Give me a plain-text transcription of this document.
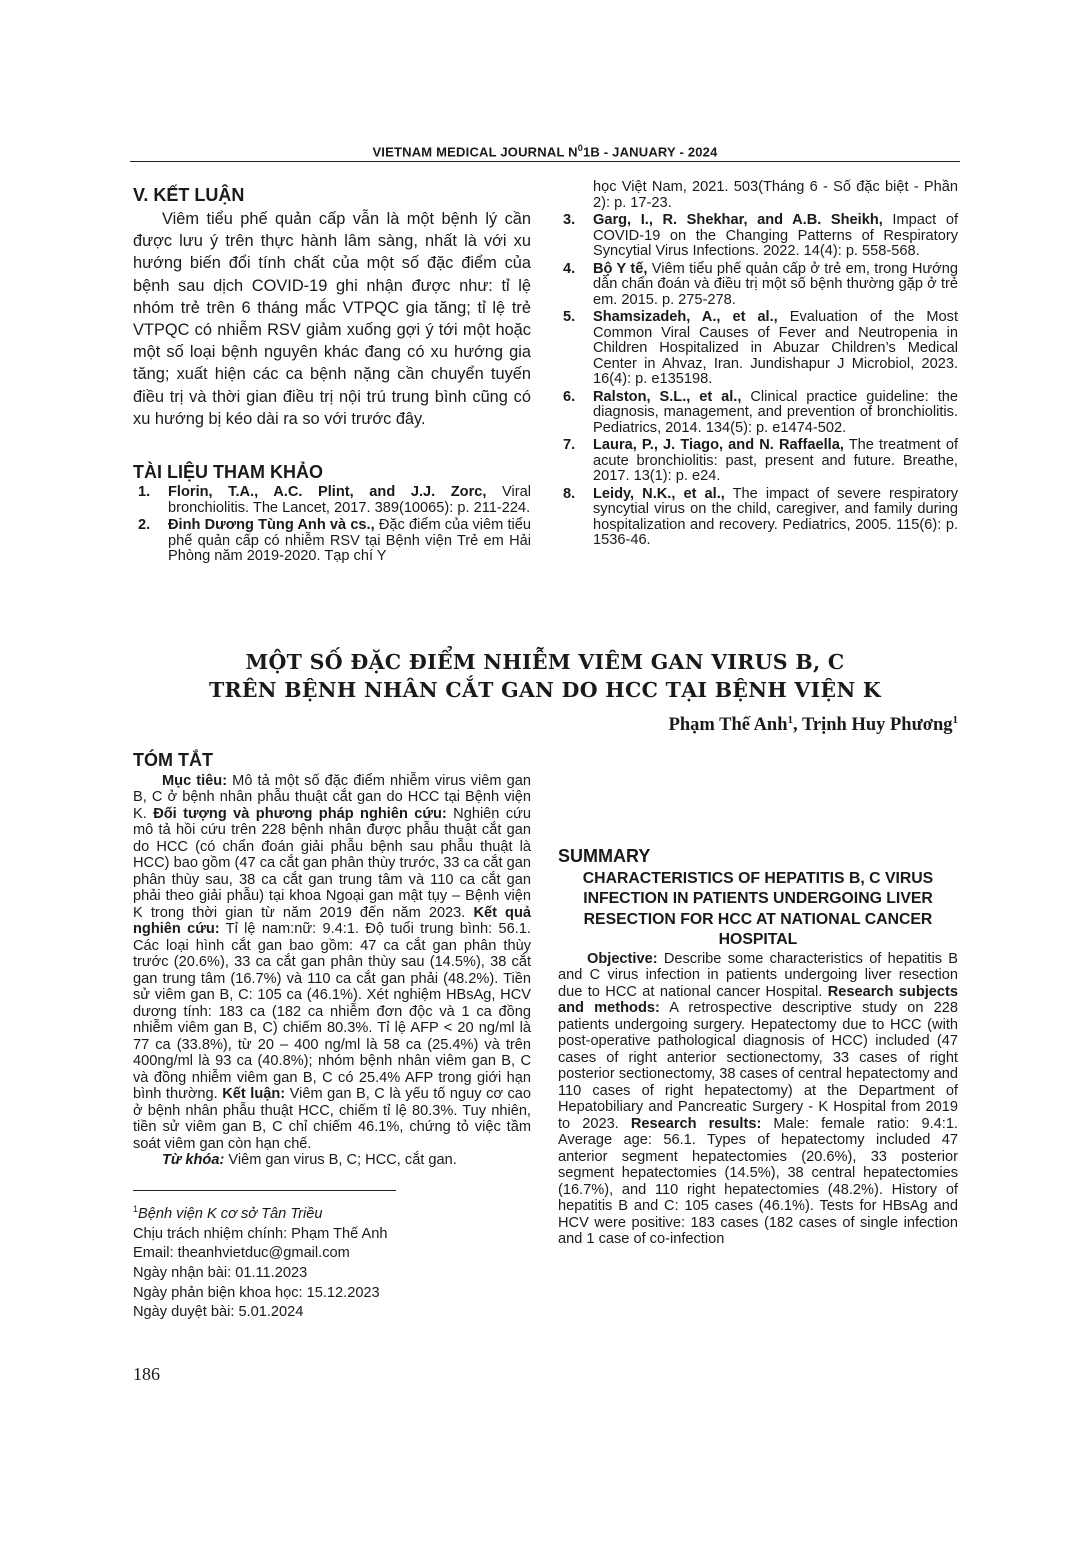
VIETNAM MEDICAL JOURNAL $N^01B$ - JANUARY - 2024
V. KẾT LUẬN

Viêm tiểu phế quản cấp vẫn là một bệnh lý cần được lưu ý trên thực hành lâm sàng, nhất là với xu hướng biến đổi tính chất của một số đặc điểm của bệnh sau dịch COVID-19 ghi nhận được như: tỉ lệ nhóm trẻ trên 6 tháng mắc VTPQC gia tăng; tỉ lệ trẻ VTPQC có nhiễm RSV giảm xuống gợi ý tới một hoặc một số loại bệnh nguyên khác đang có xu hướng gia tăng; xuất hiện các ca bệnh nặng cần chuyển tuyến điều trị và thời gian điều trị nội trú trung bình cũng có xu hướng bị kéo dài ra so với trước đây.

TÀI LIỆU THAM KHẢO
1. Florin, T.A., A.C. Plint, and J.J. Zorc, Viral bronchiolitis. The Lancet, 2017. 389(10065): p. 211-224.
2. Đinh Dương Tùng Anh và cs., Đặc điểm của viêm tiểu phế quản cấp có nhiễm RSV tại Bệnh viện Trẻ em Hải Phòng năm 2019-2020. Tạp chí Y
học Việt Nam, 2021. 503(Tháng 6 - Số đặc biệt - Phần 2): p. 17-23.
3. Garg, I., R. Shekhar, and A.B. Sheikh, Impact of COVID-19 on the Changing Patterns of Respiratory Syncytial Virus Infections. 2022. 14(4): p. 558-568.
4. Bộ Y tế, Viêm tiểu phế quản cấp ở trẻ em, trong Hướng dẫn chẩn đoán và điều trị một số bệnh thường gặp ở trẻ em. 2015. p. 275-278.
5. Shamsizadeh, A., et al., Evaluation of the Most Common Viral Causes of Fever and Neutropenia in Children Hospitalized in Abuzar Children’s Medical Center in Ahvaz, Iran. Jundishapur J Microbiol, 2023. 16(4): p. e135198.
6. Ralston, S.L., et al., Clinical practice guideline: the diagnosis, management, and prevention of bronchiolitis. Pediatrics, 2014. 134(5): p. e1474-502.
7. Laura, P., J. Tiago, and N. Raffaella, The treatment of acute bronchiolitis: past, present and future. Breathe, 2017. 13(1): p. e24.
8. Leidy, N.K., et al., The impact of severe respiratory syncytial virus on the child, caregiver, and family during hospitalization and recovery. Pediatrics, 2005. 115(6): p. 1536-46.
MỘT SỐ ĐẶC ĐIỂM NHIỄM VIÊM GAN VIRUS B, C
TRÊN BỆNH NHÂN CẮT GAN DO HCC TẠI BỆNH VIỆN K
Phạm Thế Anh$^1$, Trịnh Huy Phương$^1$
TÓM TẮT

Mục tiêu: Mô tả một số đặc điểm nhiễm virus viêm gan B, C ở bệnh nhân phẫu thuật cắt gan do HCC tại Bệnh viện K. Đối tượng và phương pháp nghiên cứu: Nghiên cứu mô tả hồi cứu trên 228 bệnh nhân được phẫu thuật cắt gan do HCC (có chẩn đoán giải phẫu bệnh sau phẫu thuật là HCC) bao gồm (47 ca cắt gan phân thùy trước, 33 ca cắt gan phân thùy sau, 38 ca cắt gan trung tâm và 110 ca cắt gan phải theo giải phẫu) tại khoa Ngoại gan mật tụy – Bệnh viện K trong thời gian từ năm 2019 đến năm 2023. Kết quả nghiên cứu: Tỉ lệ nam:nữ: 9.4:1. Độ tuổi trung bình: 56.1. Các loại hình cắt gan bao gồm: 47 ca cắt gan phân thùy trước (20.6%), 33 ca cắt gan phân thùy sau (14.5%), 38 cắt gan trung tâm (16.7%) và 110 ca cắt gan phải (48.2%). Tiền sử viêm gan B, C: 105 ca (46.1%). Xét nghiệm HBsAg, HCV dương tính: 183 ca (182 ca nhiễm đơn độc và 1 ca đồng nhiễm viêm gan B, C) chiếm 80.3%. Tỉ lệ AFP < 20 ng/ml là 77 ca (33.8%), từ 20 – 400 ng/ml là 58 ca (25.4%) và trên 400ng/ml là 93 ca (40.8%); nhóm bệnh nhân viêm gan B, C và đồng nhiễm viêm gan B, C có 25.4% AFP trong giới hạn bình thường. Kết luận: Viêm gan B, C là yếu tố nguy cơ cao ở bệnh nhân phẫu thuật HCC, chiếm tỉ lệ 80.3%. Tuy nhiên, tiền sử viêm gan B, C chỉ chiếm 46.1%, chứng tỏ việc tầm soát viêm gan còn hạn chế.

Từ khóa: Viêm gan virus B, C; HCC, cắt gan.

SUMMARY
CHARACTERISTICS OF HEPATITIS B, C VIRUS INFECTION IN PATIENTS UNDERGOING LIVER RESECTION FOR HCC AT NATIONAL CANCER HOSPITAL

Objective: Describe some characteristics of hepatitis B and C virus infection in patients undergoing liver resection due to HCC at national cancer Hospital. Research subjects and methods: A retrospective descriptive study on 228 patients undergoing surgery. Hepatectomy due to HCC (with post-operative pathological diagnosis of HCC) included (47 cases of right anterior sectionectomy, 33 cases of right posterior sectionectomy, 38 cases of central hepatectomy and 110 cases of right hepatectomy) at the Department of Hepatobiliary and Pancreatic Surgery - K Hospital from 2019 to 2023. Research results: Male: female ratio: 9.4:1. Average age: 56.1. Types of hepatectomy included 47 anterior segment hepatectomies (20.6%), 33 posterior segment hepatectomies (14.5%), 38 central hepatectomies (16.7%), and 110 right hepatectomies (48.2%). History of hepatitis B and C: 105 cases (46.1%). Tests for HBsAg and HCV were positive: 183 cases (182 cases of single infection and 1 case of co-infection

$^1$Bệnh viện K cơ sở Tân Triều
Chịu trách nhiệm chính: Phạm Thế Anh
Email: theanhvietduc@gmail.com
Ngày nhận bài: 01.11.2023
Ngày phản biện khoa học: 15.12.2023
Ngày duyệt bài: 5.01.2024
186
